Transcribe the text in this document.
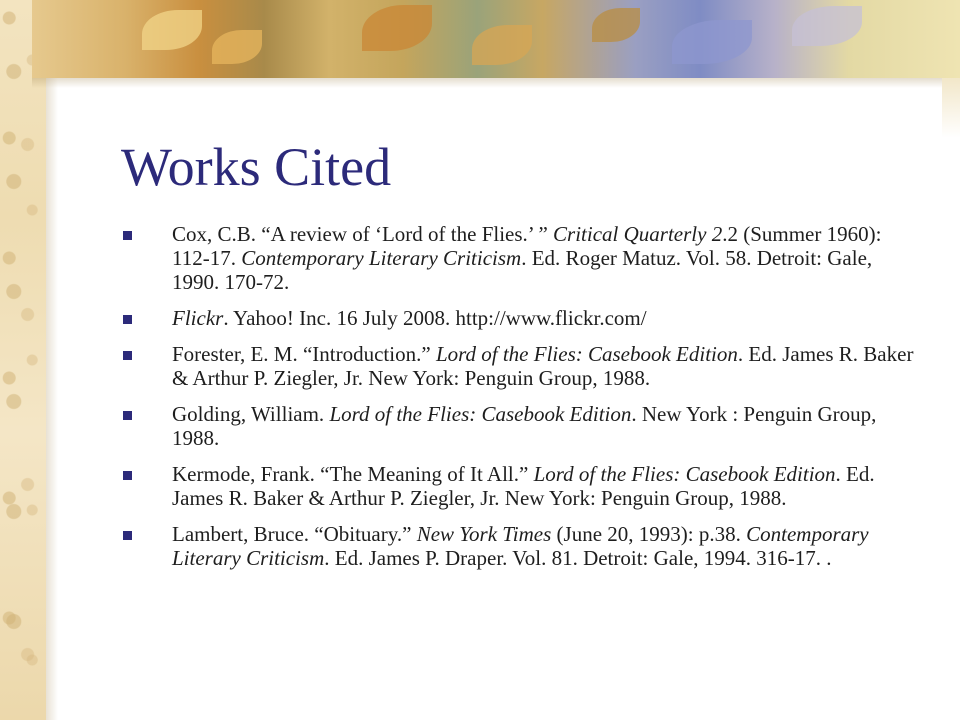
Works Cited
Cox, C.B. “A review of ‘Lord of the Flies.’ ” Critical Quarterly 2.2 (Summer 1960): 112-17. Contemporary Literary Criticism. Ed. Roger Matuz. Vol. 58. Detroit: Gale, 1990. 170-72.
Flickr. Yahoo! Inc. 16 July 2008. http://www.flickr.com/
Forester, E. M. “Introduction.” Lord of the Flies: Casebook Edition. Ed. James R. Baker & Arthur P. Ziegler, Jr. New York: Penguin Group, 1988.
Golding, William. Lord of the Flies: Casebook Edition. New York : Penguin Group, 1988.
Kermode, Frank. “The Meaning of It All.” Lord of the Flies: Casebook Edition. Ed. James R. Baker & Arthur P. Ziegler, Jr. New York: Penguin Group, 1988.
Lambert, Bruce. “Obituary.” New York Times (June 20, 1993): p.38. Contemporary Literary Criticism. Ed. James P. Draper. Vol. 81. Detroit: Gale, 1994. 316-17. .
